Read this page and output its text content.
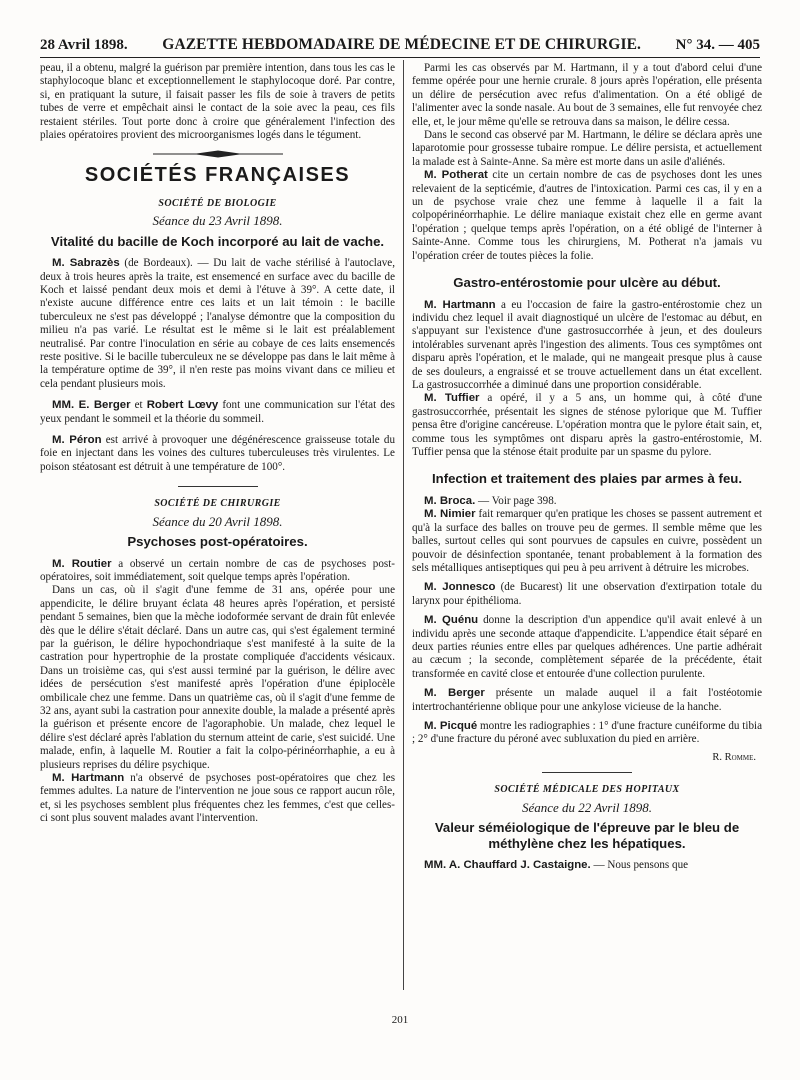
28 Avril 1898. GAZETTE HEBDOMADAIRE DE MÉDECINE ET DE CHIRURGIE. N° 34. — 405

peau, il a obtenu, malgré la guérison par première intention, dans tous les cas le staphylocoque blanc et exceptionnellement le staphylocoque doré. Par contre, si, en pratiquant la suture, il faisait passer les fils de soie à travers de petits tubes de verre et empêchait ainsi le contact de la soie avec la peau, ces fils restaient stériles. Tout porte donc à croire que généralement l'infection des plaies opératoires provient des microorganismes logés dans le tégument.

SOCIÉTÉS FRANÇAISES
SOCIÉTÉ DE BIOLOGIE
Séance du 23 Avril 1898.
Vitalité du bacille de Koch incorporé au lait de vache.

M. Sabrazès (de Bordeaux). — Du lait de vache stérilisé à l'autoclave, deux à trois heures après la traite, est ensemencé en surface avec du bacille de Koch et laissé pendant deux mois et demi à l'étuve à 39°. A cette date, il n'existe aucune différence entre ces laits et un lait témoin : le bacille tuberculeux ne s'est pas développé ; l'analyse démontre que la composition du milieu n'a pas varié. Le résultat est le même si le lait est préalablement neutralisé. Par contre l'inoculation en série au cobaye de ces laits ensemencés reste positive. Si le bacille tuberculeux ne se développe pas dans le lait même à la température optime de 39°, il n'en reste pas moins vivant dans ce milieu et cela pendant plusieurs mois.

MM. E. Berger et Robert Lœvy font une communication sur l'état des yeux pendant le sommeil et la théorie du sommeil.

M. Péron est arrivé à provoquer une dégénérescence graisseuse totale du foie en injectant dans les voines des cultures tuberculeuses très virulentes. Le poison stéatosant est détruit à une température de 100°.

SOCIÉTÉ DE CHIRURGIE
Séance du 20 Avril 1898.
Psychoses post-opératoires.

M. Routier a observé un certain nombre de cas de psychoses post-opératoires, soit immédiatement, soit quelque temps après l'opération.

Dans un cas, où il s'agit d'une femme de 31 ans, opérée pour une appendicite, le délire bruyant éclata 48 heures après l'opération, et persisté pendant 5 semaines, bien que la mèche iodoformée servant de drain fût enlevée dès que le délire s'était déclaré. Dans un autre cas, qui s'est également terminé par la guérison, le délire hypochondriaque s'est manifesté à la suite de la castration pour hypertrophie de la prostate compliquée d'accidents vésicaux. Dans un troisième cas, qui s'est aussi terminé par la guérison, le délire avec idées de persécution s'est manifesté après l'opération d'une épiplocèle ombilicale chez une femme. Dans un quatrième cas, où il s'agit d'une femme de 32 ans, ayant subi la castration pour annexite double, la malade a présenté après la guérison et présente encore de l'agoraphobie. Un malade, chez lequel le délire s'est déclaré après l'ablation du sternum atteint de carie, s'est suicidé. Une malade, enfin, à laquelle M. Routier a fait la colpo-périnéorrhaphie, a eu à plusieurs reprises du délire psychique.

M. Hartmann n'a observé de psychoses post-opératoires que chez les femmes adultes. La nature de l'intervention ne joue sous ce rapport aucun rôle, et, si les psychoses semblent plus fréquentes chez les femmes, c'est que celles-ci sont plus souvent malades avant l'intervention.

Parmi les cas observés par M. Hartmann, il y a tout d'abord celui d'une femme opérée pour une hernie crurale. 8 jours après l'opération, elle présenta un délire de persécution avec refus d'alimentation. On a été obligé de l'alimenter avec la sonde nasale. Au bout de 3 semaines, elle fut renvoyée chez elle, et, le jour même qu'elle se retrouva dans sa maison, le délire cessa.

Dans le second cas observé par M. Hartmann, le délire se déclara après une laparotomie pour grossesse tubaire rompue. Le délire persista, et actuellement la malade est à Sainte-Anne. Sa mère est morte dans un asile d'aliénés.

M. Potherat cite un certain nombre de cas de psychoses dont les unes relevaient de la septicémie, d'autres de l'intoxication. Parmi ces cas, il y en a un de psychose vraie chez une femme à laquelle il a fait la colpopérinéorrhaphie. Le délire maniaque existait chez elle en germe avant l'opération ; quelque temps après l'opération, on a été obligé de l'interner à Sainte-Anne. Comme tous les chirurgiens, M. Potherat n'a jamais vu l'opération créer de toutes pièces la folie.

Gastro-entérostomie pour ulcère au début.

M. Hartmann a eu l'occasion de faire la gastro-entérostomie chez un individu chez lequel il avait diagnostiqué un ulcère de l'estomac au début, en s'appuyant sur l'existence d'une gastrosuccorrhée à jeun, et des douleurs intolérables survenant après l'ingestion des aliments. Tous ces symptômes ont disparu après l'opération, et le malade, qui ne mangeait presque plus à cause de ses douleurs, a engraissé et se trouve actuellement dans un état excellent. La gastrosuccorrhée a diminué dans une proportion considérable.

M. Tuffier a opéré, il y a 5 ans, un homme qui, à côté d'une gastrosuccorrhée, présentait les signes de sténose pylorique que M. Tuffier pensa être d'origine cancéreuse. L'opération montra que le pylore était sain, et, comme tous les symptômes ont disparu après la gastro-entérostomie, M. Tuffier pensa que la sténose était produite par un spasme du pylore.

Infection et traitement des plaies par armes à feu.

M. Broca. — Voir page 398.

M. Nimier fait remarquer qu'en pratique les choses se passent autrement et qu'à la surface des balles on trouve peu de germes. Il semble même que les balles, surtout celles qui sont pourvues de capsules en cuivre, possèdent un pouvoir de désinfection spontanée, tenant probablement à la formation des sels métalliques antiseptiques qui peu à peu arrivent à détruire les microbes.

M. Jonnesco (de Bucarest) lit une observation d'extirpation totale du larynx pour épithélioma.

M. Quénu donne la description d'un appendice qu'il avait enlevé à un individu après une seconde attaque d'appendicite. L'appendice était séparé en deux parties réunies entre elles par quelques adhérences. Une partie adhérait au cæcum ; la seconde, complètement séparée de la précédente, était transformée en cavité close et entourée d'une collection purulente.

M. Berger présente un malade auquel il a fait l'ostéotomie intertrochantérienne oblique pour une ankylose vicieuse de la hanche.

M. Picqué montre les radiographies : 1° d'une fracture cunéiforme du tibia ; 2° d'une fracture du péroné avec subluxation du pied en arrière.

R. Romme.
SOCIÉTÉ MÉDICALE DES HOPITAUX
Séance du 22 Avril 1898.
Valeur séméiologique de l'épreuve par le bleu de méthylène chez les hépatiques.

MM. A. Chauffard J. Castaigne. — Nous pensons que

201
